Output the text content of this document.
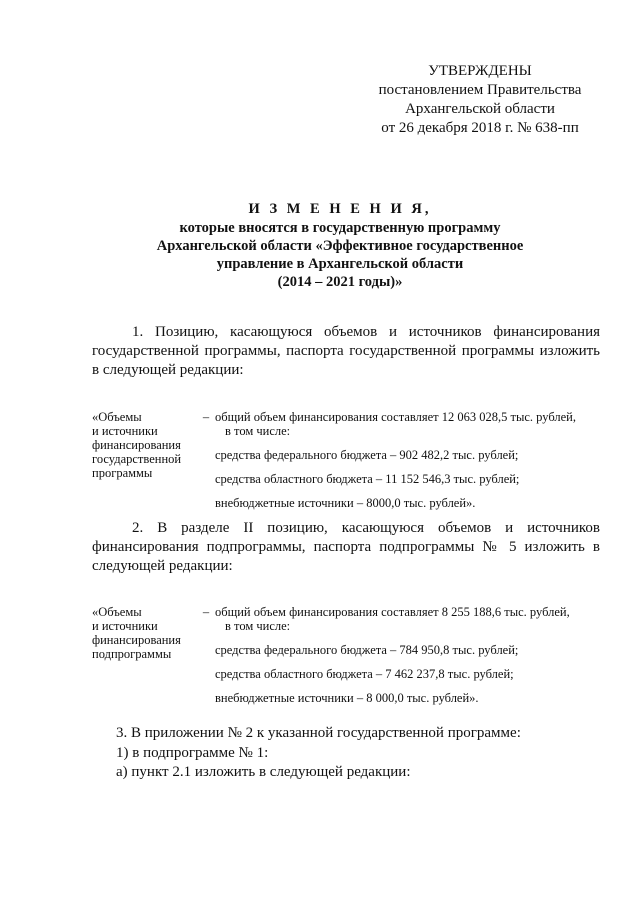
УТВЕРЖДЕНЫ
постановлением Правительства
Архангельской области
от 26 декабря 2018 г. № 638-пп
И З М Е Н Е Н И Я,
которые вносятся в государственную программу
Архангельской области «Эффективное государственное
управление в Архангельской области
(2014 – 2021 годы)»

1. Позицию, касающуюся объемов и источников финансирования государственной программы, паспорта государственной программы изложить в следующей редакции:

«Объемы
и источники
финансирования
государственной
программы
– общий объем финансирования составляет 12 063 028,5 тыс. рублей,
в том числе:
средства федерального бюджета – 902 482,2 тыс. рублей;
средства областного бюджета – 11 152 546,3 тыс. рублей;
внебюджетные источники – 8000,0 тыс. рублей».

2. В разделе II позицию, касающуюся объемов и источников финансирования подпрограммы, паспорта подпрограммы № 5 изложить в следующей редакции:

«Объемы
и источники
финансирования
подпрограммы
– общий объем финансирования составляет 8 255 188,6 тыс. рублей,
в том числе:
средства федерального бюджета – 784 950,8 тыс. рублей;
средства областного бюджета – 7 462 237,8 тыс. рублей;
внебюджетные источники – 8 000,0 тыс. рублей».
3. В приложении № 2 к указанной государственной программе:
1) в подпрограмме № 1:
а) пункт 2.1 изложить в следующей редакции:
